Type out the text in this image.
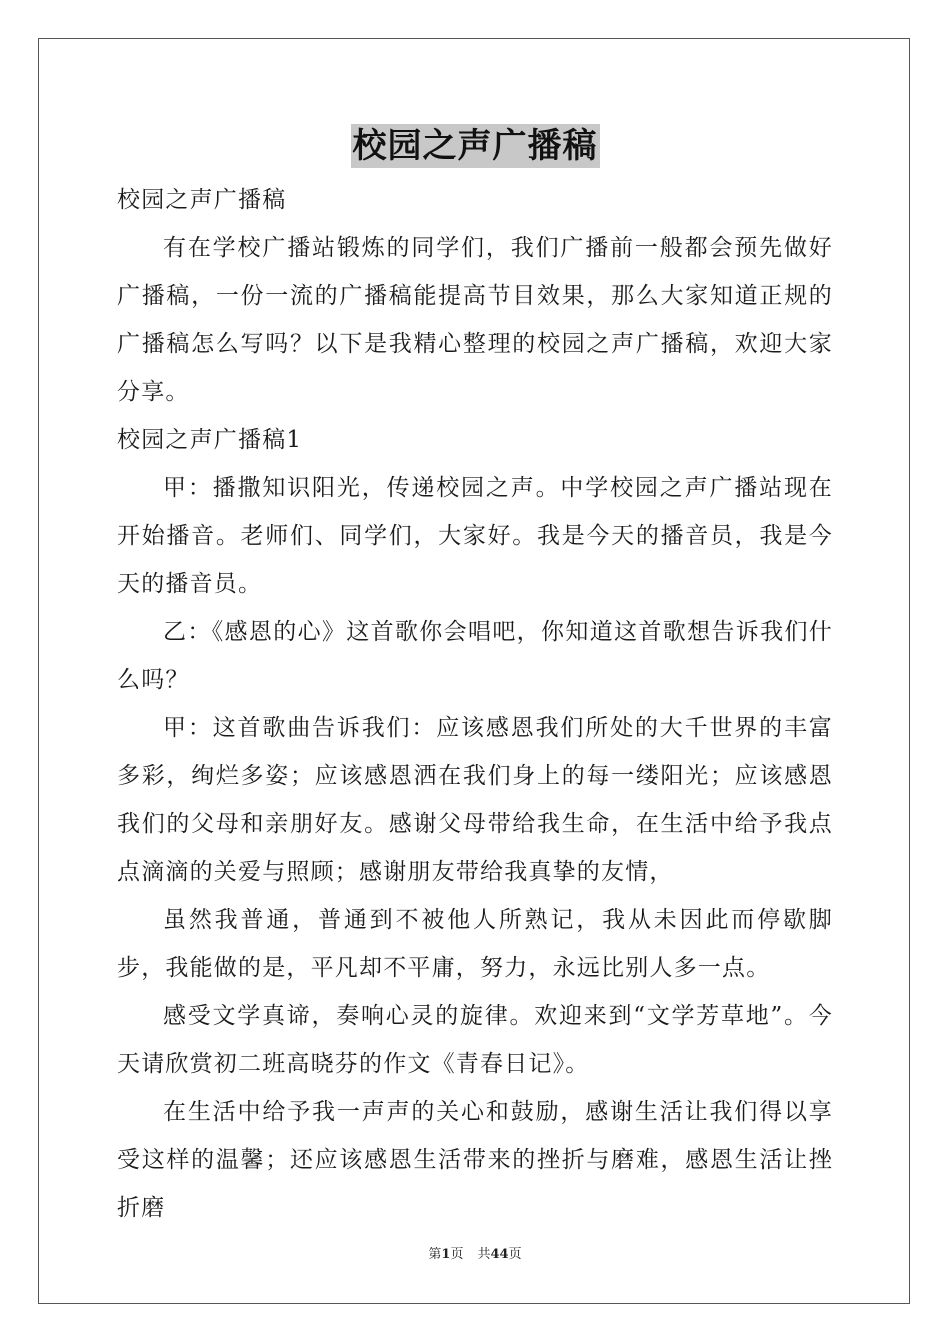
校园之声广播稿

校园之声广播稿

有在学校广播站锻炼的同学们，我们广播前一般都会预先做好广播稿，一份一流的广播稿能提高节目效果，那么大家知道正规的广播稿怎么写吗？以下是我精心整理的校园之声广播稿，欢迎大家分享。

校园之声广播稿1

甲：播撒知识阳光，传递校园之声。中学校园之声广播站现在开始播音。老师们、同学们，大家好。我是今天的播音员，我是今天的播音员。

乙：《感恩的心》这首歌你会唱吧，你知道这首歌想告诉我们什么吗？

甲：这首歌曲告诉我们：应该感恩我们所处的大千世界的丰富多彩，绚烂多姿；应该感恩洒在我们身上的每一缕阳光；应该感恩我们的父母和亲朋好友。感谢父母带给我生命，在生活中给予我点点滴滴的关爱与照顾；感谢朋友带给我真挚的友情，

虽然我普通，普通到不被他人所熟记，我从未因此而停歇脚步，我能做的是，平凡却不平庸，努力，永远比别人多一点。

感受文学真谛，奏响心灵的旋律。欢迎来到“文学芳草地”。今天请欣赏初二班高晓芬的作文《青春日记》。

在生活中给予我一声声的关心和鼓励，感谢生活让我们得以享受这样的温馨；还应该感恩生活带来的挫折与磨难，感恩生活让挫折磨

第1页 共44页
